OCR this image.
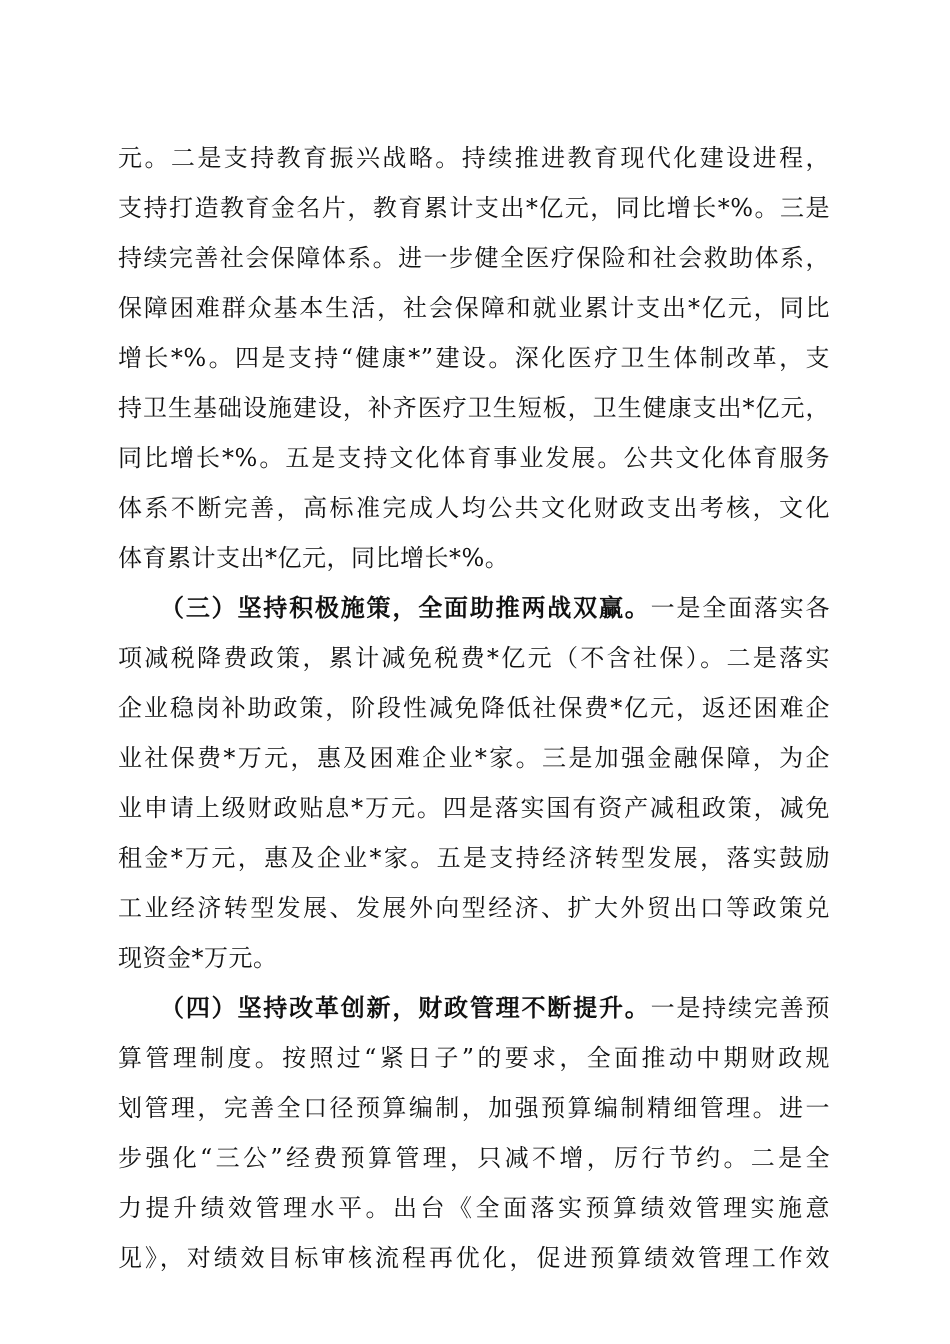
元。二是支持教育振兴战略。持续推进教育现代化建设进程，
支持打造教育金名片，教育累计支出*亿元，同比增长*%。三是
持续完善社会保障体系。进一步健全医疗保险和社会救助体系，
保障困难群众基本生活，社会保障和就业累计支出*亿元，同比
增长*%。四是支持“健康*”建设。深化医疗卫生体制改革，支
持卫生基础设施建设，补齐医疗卫生短板，卫生健康支出*亿元，
同比增长*%。五是支持文化体育事业发展。公共文化体育服务
体系不断完善，高标准完成人均公共文化财政支出考核，文化
体育累计支出*亿元，同比增长*%。
（三）坚持积极施策，全面助推两战双赢。一是全面落实各
项减税降费政策，累计减免税费*亿元（不含社保）。二是落实
企业稳岗补助政策，阶段性减免降低社保费*亿元，返还困难企
业社保费*万元，惠及困难企业*家。三是加强金融保障，为企
业申请上级财政贴息*万元。四是落实国有资产减租政策，减免
租金*万元，惠及企业*家。五是支持经济转型发展，落实鼓励
工业经济转型发展、发展外向型经济、扩大外贸出口等政策兑
现资金*万元。
（四）坚持改革创新，财政管理不断提升。一是持续完善预
算管理制度。按照过“紧日子”的要求，全面推动中期财政规
划管理，完善全口径预算编制，加强预算编制精细管理。进一
步强化“三公”经费预算管理，只减不增，厉行节约。二是全
力提升绩效管理水平。出台《全面落实预算绩效管理实施意
见》，对绩效目标审核流程再优化，促进预算绩效管理工作效
